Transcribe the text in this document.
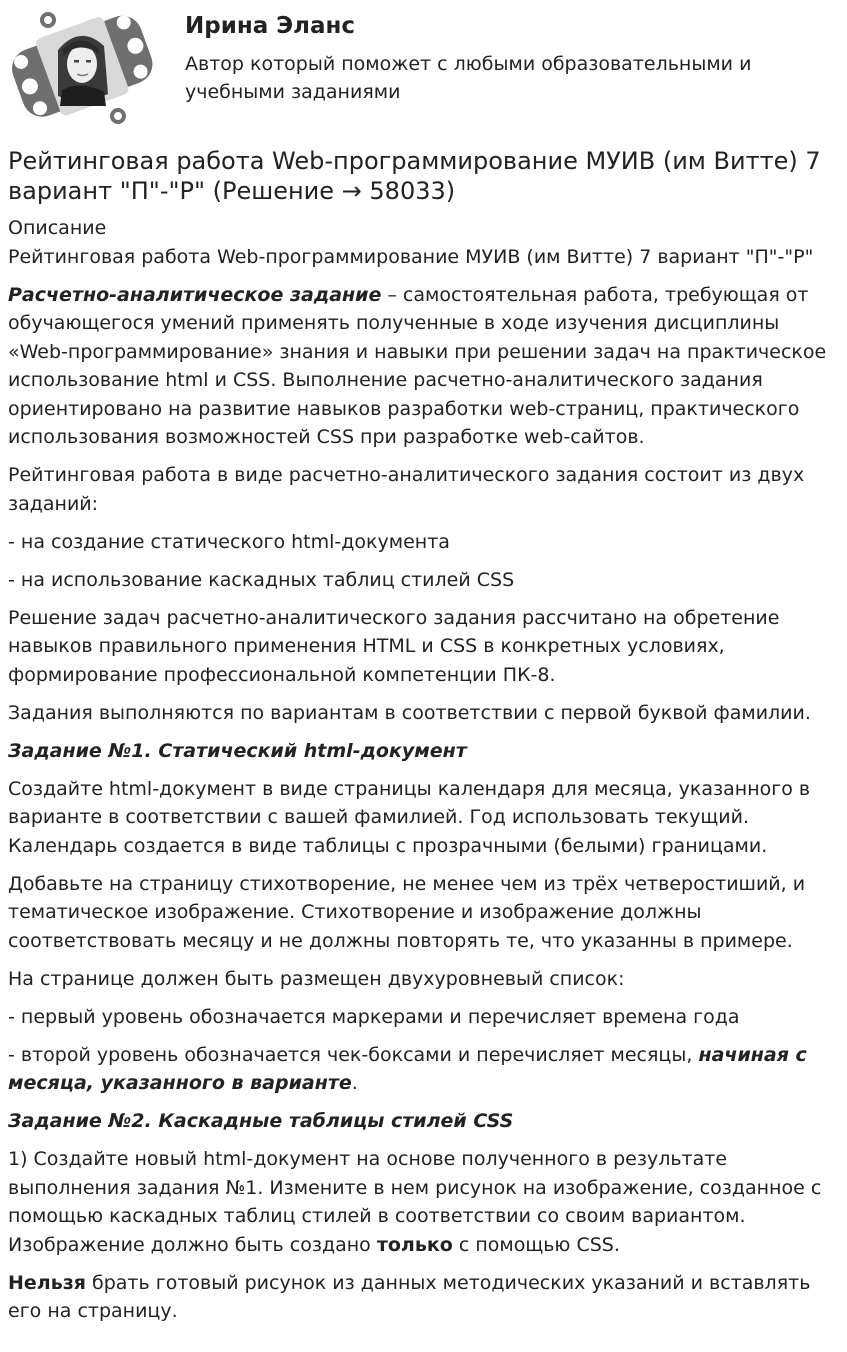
Ирина Эланс
Автор который поможет с любыми образовательными и учебными заданиями
Рейтинговая работа Web-программирование МУИВ (им Витте) 7 вариант "П"-"Р" (Решение → 58033)
Описание
Рейтинговая работа Web-программирование МУИВ (им Витте) 7 вариант "П"-"Р"

Расчетно-аналитическое задание – самостоятельная работа, требующая от обучающегося умений применять полученные в ходе изучения дисциплины «Web-программирование» знания и навыки при решении задач на практическое использование html и CSS. Выполнение расчетно-аналитического задания ориентировано на развитие навыков разработки web-страниц, практического использования возможностей CSS при разработке web-сайтов.

Рейтинговая работа в виде расчетно-аналитического задания состоит из двух заданий:

- на создание статического html-документа

- на использование каскадных таблиц стилей CSS

Решение задач расчетно-аналитического задания рассчитано на обретение навыков правильного применения HTML и CSS в конкретных условиях, формирование профессиональной компетенции ПК-8.

Задания выполняются по вариантам в соответствии с первой буквой фамилии.

Задание №1. Статический html-документ

Создайте html-документ в виде страницы календаря для месяца, указанного в варианте в соответствии с вашей фамилией. Год использовать текущий. Календарь создается в виде таблицы с прозрачными (белыми) границами.

Добавьте на страницу стихотворение, не менее чем из трёх четверостиший, и тематическое изображение. Стихотворение и изображение должны соответствовать месяцу и не должны повторять те, что указанны в примере.

На странице должен быть размещен двухуровневый список:

- первый уровень обозначается маркерами и перечисляет времена года

- второй уровень обозначается чек-боксами и перечисляет месяцы, начиная с месяца, указанного в варианте.

Задание №2. Каскадные таблицы стилей CSS

1) Создайте новый html-документ на основе полученного в результате выполнения задания №1. Измените в нем рисунок на изображение, созданное с помощью каскадных таблиц стилей в соответствии со своим вариантом. Изображение должно быть создано только с помощью CSS.

Нельзя брать готовый рисунок из данных методических указаний и вставлять его на страницу.
